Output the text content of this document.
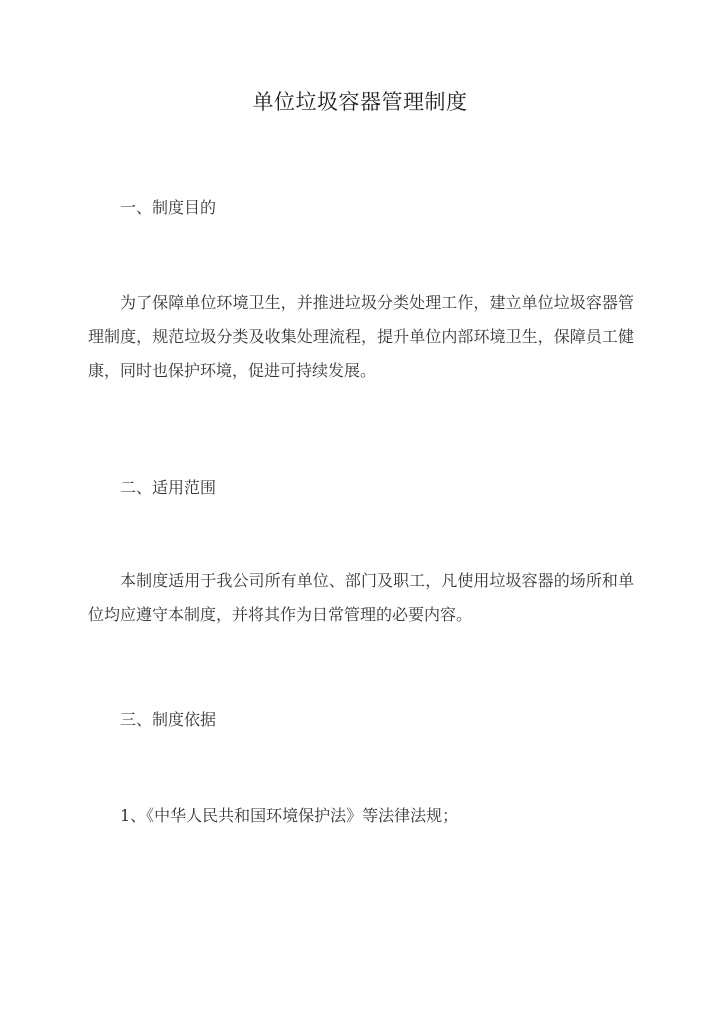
单位垃圾容器管理制度
一、制度目的

为了保障单位环境卫生，并推进垃圾分类处理工作，建立单位垃圾容器管理制度，规范垃圾分类及收集处理流程，提升单位内部环境卫生，保障员工健康，同时也保护环境，促进可持续发展。

二、适用范围

本制度适用于我公司所有单位、部门及职工，凡使用垃圾容器的场所和单位均应遵守本制度，并将其作为日常管理的必要内容。

三、制度依据
1、《中华人民共和国环境保护法》等法律法规；
